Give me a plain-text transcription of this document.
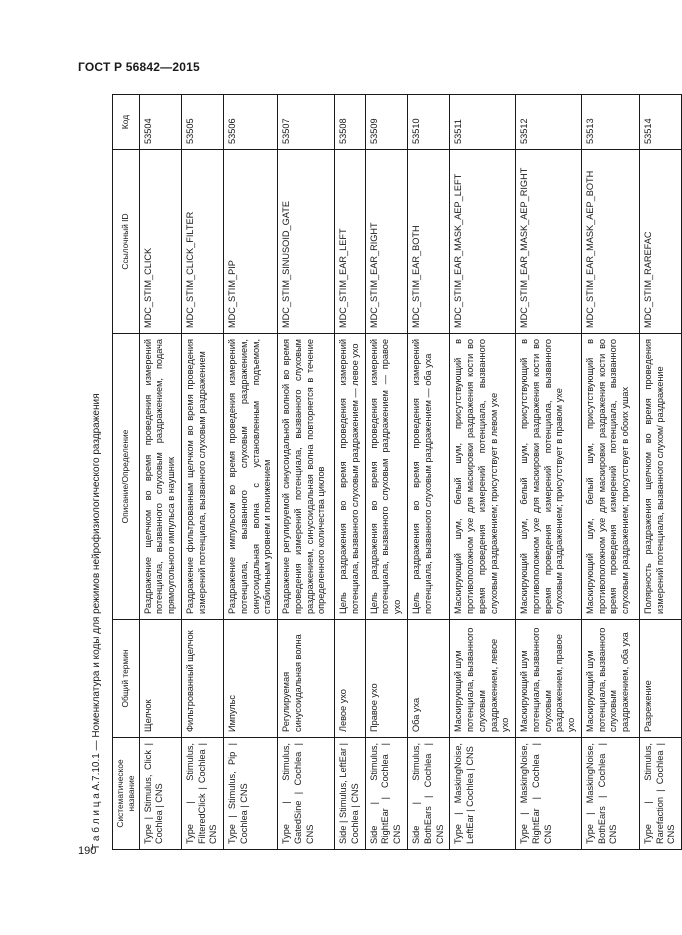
ГОСТ Р 56842—2015
190
Т а б л и ц а А.7.10.1 — Номенклатура и коды для режимов нейрофизиологического раздражения	Систематическое название	Общий термин	Описание/Определение	Ссылочный ID	Код
Type | Stimulus, Click | Cochlea | CNS	Щелчок	Раздражение щелчком во время проведения измерений потенциала, вызванного слуховым раздражением, подача прямоугольного импульса в наушник	MDC_STIM_CLICK	53504
Type | Stimulus, FilteredClick | Cochlea | CNS	Фильтрованный щелчок	Раздражение фильтрованным щелчком во время проведения измерений потенциала, вызванного слуховым раздражением	MDC_STIM_CLICK_FILTER	53505
Type | Stimulus, Pip | Cochlea | CNS	Импульс	Раздражение импульсом во время проведения измерений потенциала, вызванного слуховым раздражением, синусоидальная волна с установленным подъемом, стабильным уровнем и понижением	MDC_STIM_PIP	53506
Type | Stimulus, GatedSine | Cochlea | CNS	Регулируемая синусоидальная волна	Раздражение регулируемой синусоидальной волной во время проведения измерений потенциала, вызванного слуховым раздражением, синусоидальная волна повторяется в течение определенного количества циклов	MDC_STIM_SINUSOID_GATE	53507
Side | Stimulus, LeftEar | Cochlea | CNS	Левое ухо	Цель раздражения во время проведения измерений потенциала, вызванного слуховым раздражением — левое ухо	MDC_STIM_EAR_LEFT	53508
Side | Stimulus, RightEar | Cochlea | CNS	Правое ухо	Цель раздражения во время проведения измерений потенциала, вызванного слуховым раздражением — правое ухо	MDC_STIM_EAR_RIGHT	53509
Side | Stimulus, BothEars | Cochlea | CNS	Оба уха	Цель раздражения во время проведения измерений потенциала, вызванного слуховым раздражением — оба уха	MDC_STIM_EAR_BOTH	53510
Type | MaskingNoise, LeftEar | Cochlea | CNS	Маскирующий шум потенциала, вызванного слуховым раздражением, левое ухо	Маскирующий шум, белый шум, присутствующий в противоположном ухе для маскировки раздражения кости во время проведения измерений потенциала, вызванного слуховым раздражением; присутствует в левом ухе	MDC_STIM_EAR_MASK_AEP_LEFT	53511
Type | MaskingNoise, RightEar | Cochlea | CNS	Маскирующий шум потенциала, вызванного слуховым раздражением, правое ухо	Маскирующий шум, белый шум, присутствующий в противоположном ухе для маскировки раздражения кости во время проведения измерений потенциала, вызванного слуховым раздражением; присутствует в правом ухе	MDC_STIM_EAR_MASK_AEP_RIGHT	53512
Type | MaskingNoise, BothEars | Cochlea | CNS	Маскирующий шум потенциала, вызванного слуховым раздражением, оба уха	Маскирующий шум, белый шум, присутствующий в противоположном ухе для маскировки раздражения кости во время проведения измерений потенциала, вызванного слуховым раздражением; присутствует в обоих ушах	MDC_STIM_EAR_MASK_AEP_BOTH	53513
Type | Stimulus, Rarefaction | Cochlea | CNS	Разрежение	Полярность раздражения щелчком во время проведения измерений потенциала, вызванного слухом/ раздражение	MDC_STIM_RAREFAC	53514
